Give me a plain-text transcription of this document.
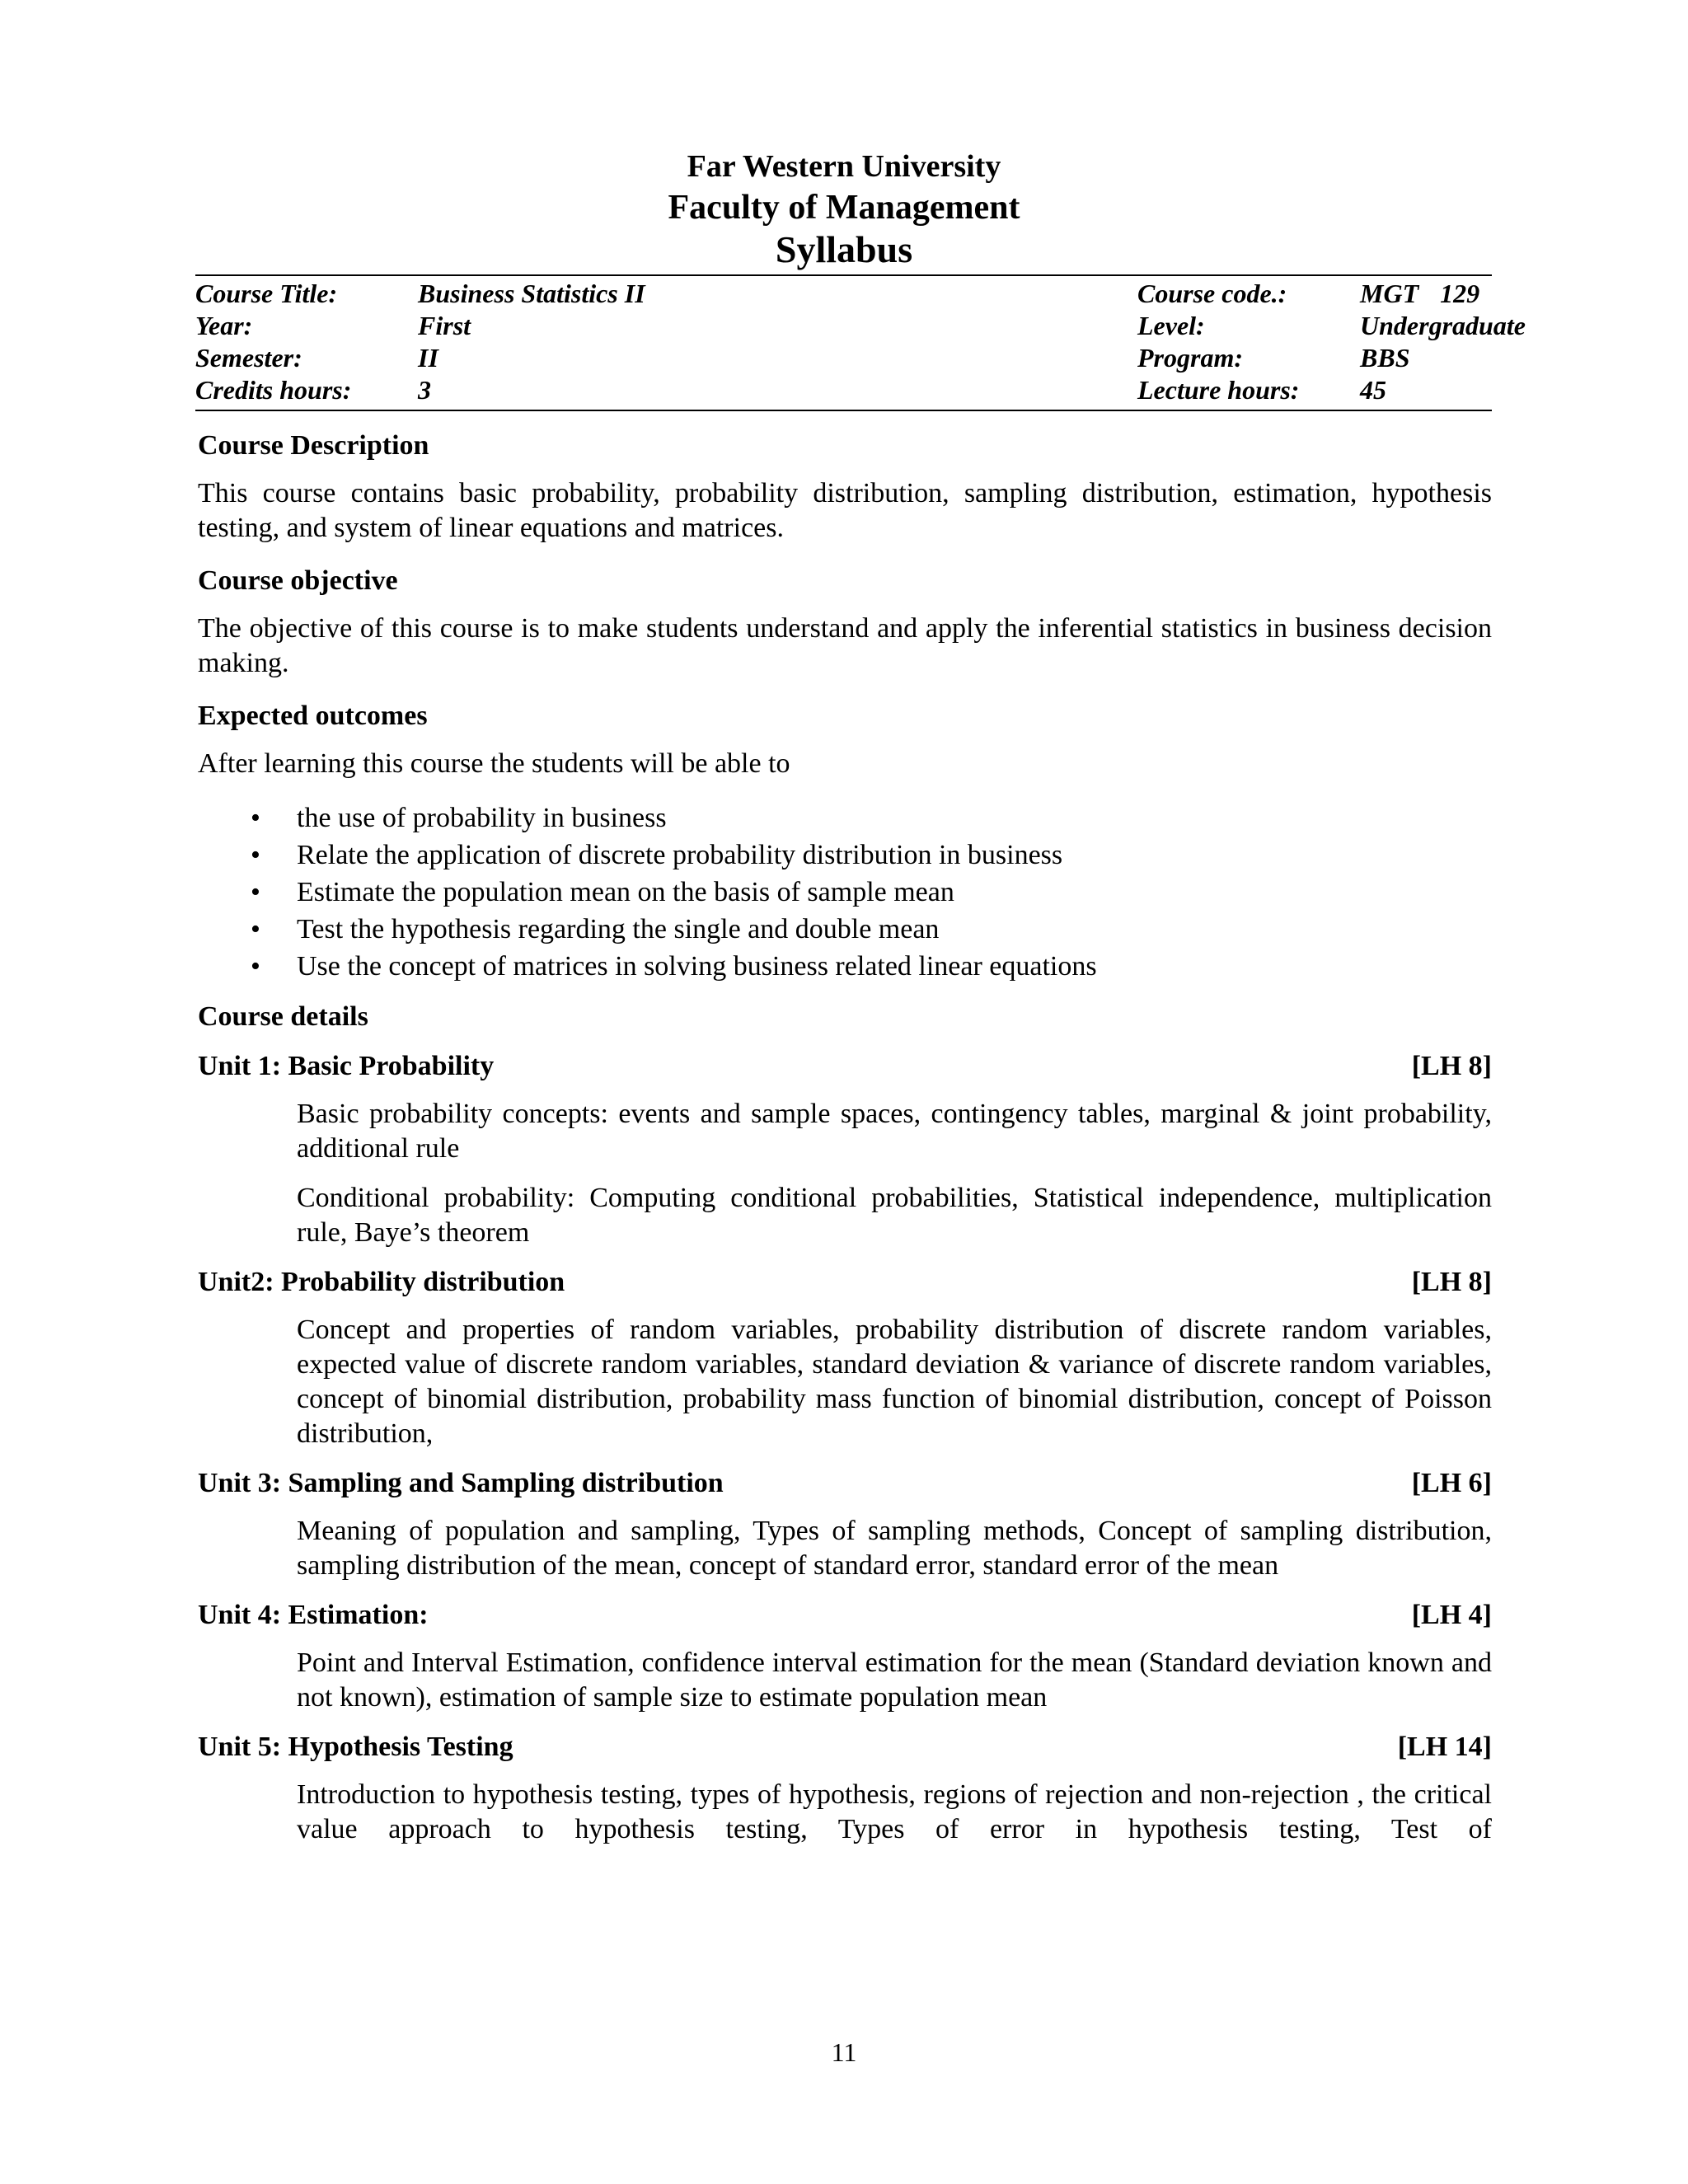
Far Western University
Faculty of Management
Syllabus
Course Title:	Business Statistics II	Course code.:	MGT 129
Year:	First	Level:	Undergraduate
Semester:	II	Program:	BBS
Credits hours:	3	Lecture hours:	45
Course Description
This course contains basic probability, probability distribution, sampling distribution, estimation, hypothesis testing, and system of linear equations and matrices.
Course objective
The objective of this course is to make students understand and apply the inferential statistics in business decision making.
Expected outcomes
After learning this course the students will be able to
• the use of probability in business
• Relate the application of discrete probability distribution in business
• Estimate the population mean on the basis of sample mean
• Test the hypothesis regarding the single and double mean
• Use the concept of matrices in solving business related linear equations
Course details
Unit 1: Basic Probability	[LH 8]
Basic probability concepts: events and sample spaces, contingency tables, marginal & joint probability, additional rule
Conditional probability: Computing conditional probabilities, Statistical independence, multiplication rule, Baye’s theorem
Unit2: Probability distribution	[LH 8]
Concept and properties of random variables, probability distribution of discrete random variables, expected value of discrete random variables, standard deviation & variance of discrete random variables, concept of binomial distribution, probability mass function of binomial distribution, concept of Poisson distribution,
Unit 3: Sampling and Sampling distribution	[LH 6]
Meaning of population and sampling, Types of sampling methods, Concept of sampling distribution, sampling distribution of the mean, concept of standard error, standard error of the mean
Unit 4: Estimation:	[LH 4]
Point and Interval Estimation, confidence interval estimation for the mean (Standard deviation known and not known), estimation of sample size to estimate population mean
Unit 5: Hypothesis Testing	[LH 14]
Introduction to hypothesis testing, types of hypothesis, regions of rejection and non-rejection , the critical value approach to hypothesis testing, Types of error in hypothesis testing, Test of
11
